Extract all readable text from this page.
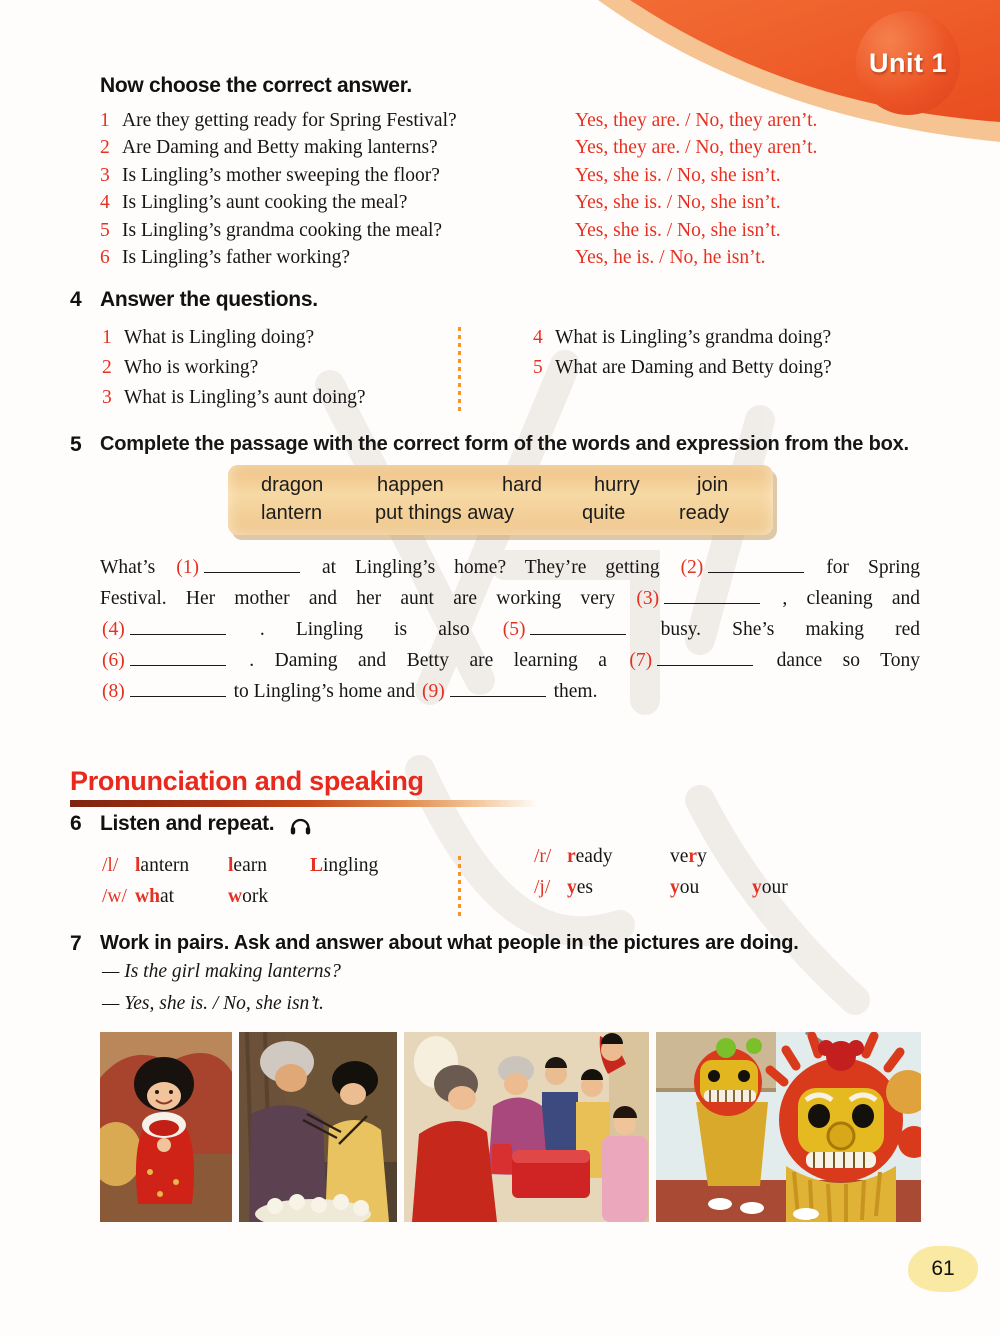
Unit 1
Now choose the correct answer.
1 Are they getting ready for Spring Festival?	Yes, they are. / No, they aren’t.
2 Are Daming and Betty making lanterns?	Yes, they are. / No, they aren’t.
3 Is Lingling’s mother sweeping the floor?	Yes, she is. / No, she isn’t.
4 Is Lingling’s aunt cooking the meal?	Yes, she is. / No, she isn’t.
5 Is Lingling’s grandma cooking the meal?	Yes, she is. / No, she isn’t.
6 Is Lingling’s father working?	Yes, he is. / No, he isn’t.
4 Answer the questions.
1 What is Lingling doing?
2 Who is working?
3 What is Lingling’s aunt doing?
4 What is Lingling’s grandma doing?
5 What are Daming and Betty doing?
5 Complete the passage with the correct form of the words and expression from the box.
dragon	happen	hard	hurry	join
lantern	put things away	quite	ready
What’s (1)	at Lingling’s home? They’re getting (2)	for Spring
Festival. Her mother and her aunt are working very (3)	, cleaning and
(4)	. Lingling is also (5)	busy. She’s making red
(6)	. Daming and Betty are learning a (7)	dance so Tony
(8)	to Lingling’s home and (9)	them.
Pronunciation and speaking
6 Listen and repeat.
/l/ lantern	learn	Lingling
/w/ what	work
/r/ ready	very
/j/ yes	you	your
7 Work in pairs. Ask and answer about what people in the pictures are doing.
— Is the girl making lanterns?
— Yes, she is. / No, she isn’t.
61
